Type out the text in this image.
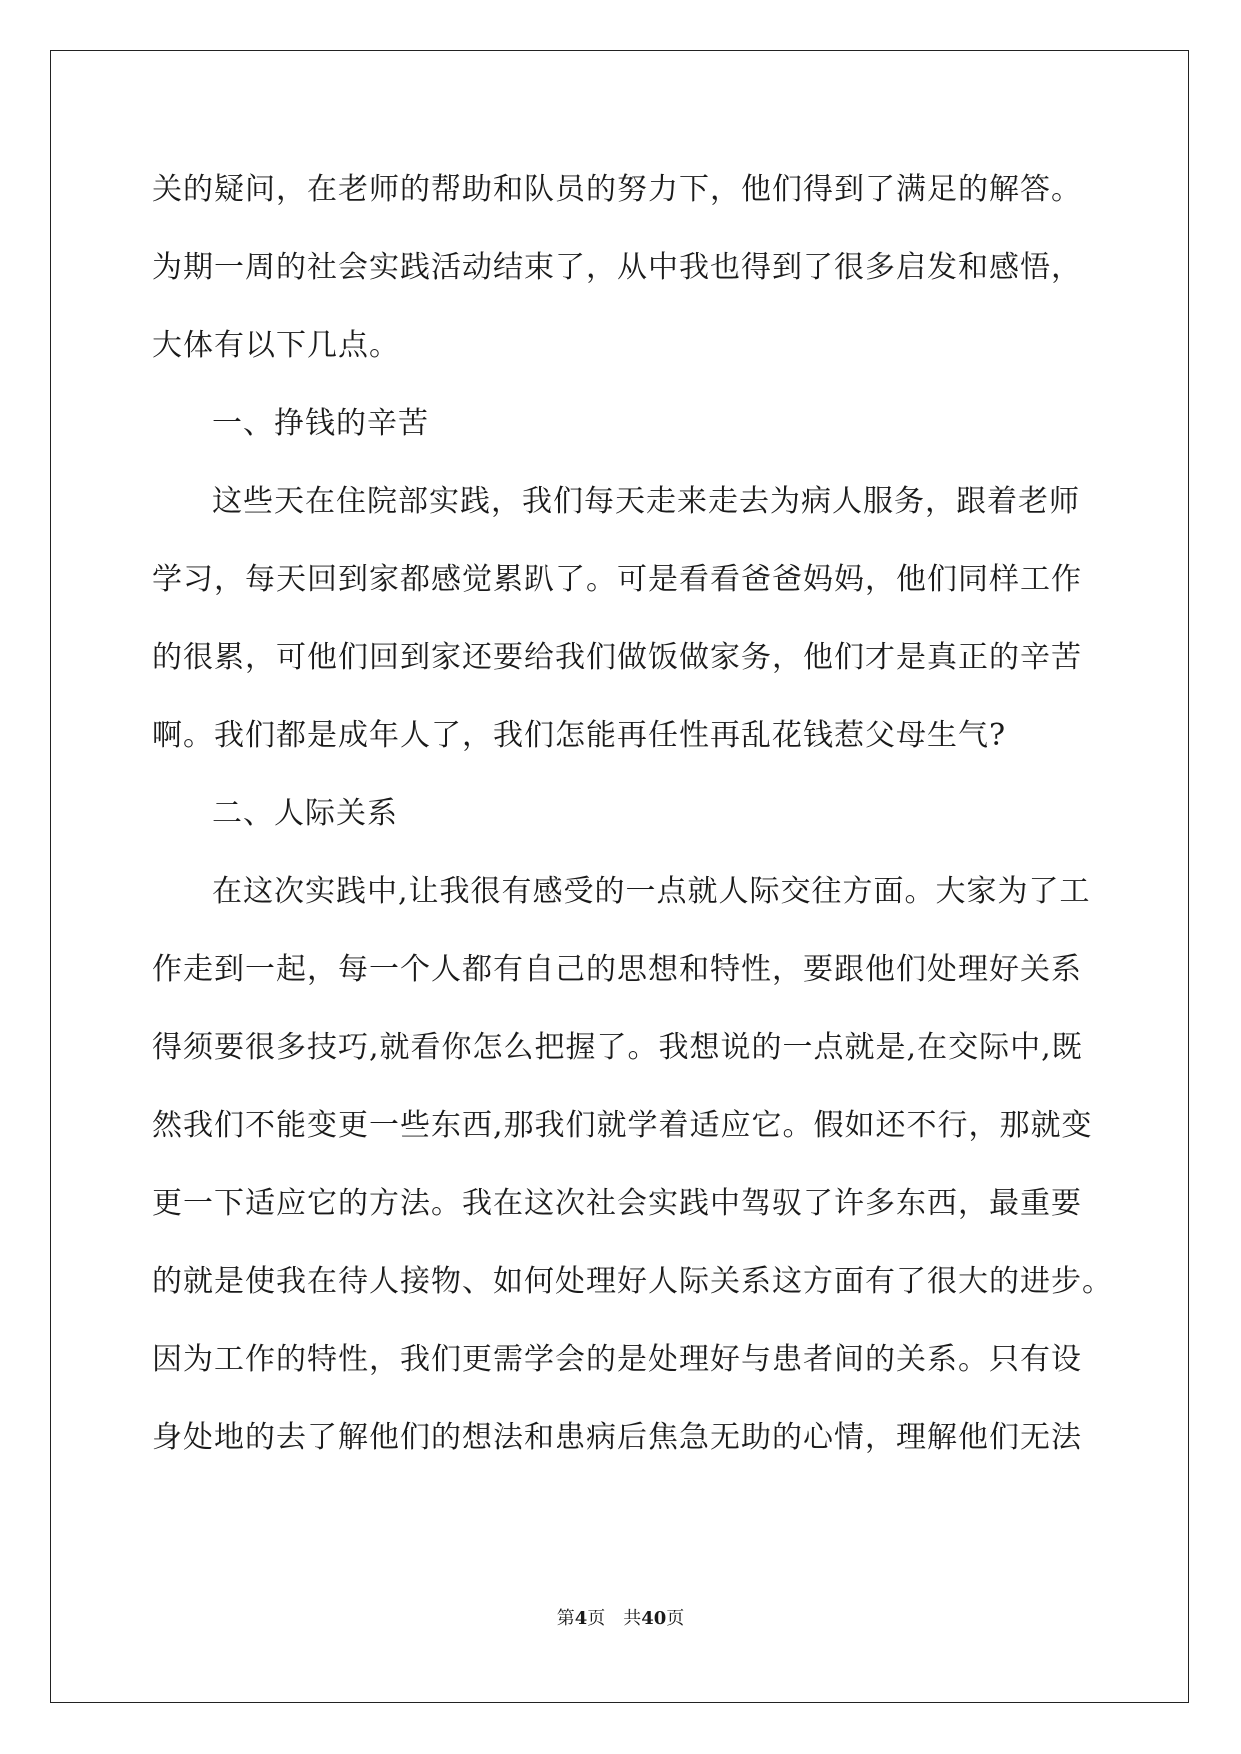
关的疑问，在老师的帮助和队员的努力下，他们得到了满足的解答。
为期一周的社会实践活动结束了，从中我也得到了很多启发和感悟，
大体有以下几点。
一、挣钱的辛苦
这些天在住院部实践，我们每天走来走去为病人服务，跟着老师
学习，每天回到家都感觉累趴了。可是看看爸爸妈妈，他们同样工作
的很累，可他们回到家还要给我们做饭做家务，他们才是真正的辛苦
啊。我们都是成年人了，我们怎能再任性再乱花钱惹父母生气?
二、人际关系
在这次实践中,让我很有感受的一点就人际交往方面。大家为了工
作走到一起，每一个人都有自己的思想和特性，要跟他们处理好关系
得须要很多技巧,就看你怎么把握了。我想说的一点就是,在交际中,既
然我们不能变更一些东西,那我们就学着适应它。假如还不行，那就变
更一下适应它的方法。我在这次社会实践中驾驭了许多东西，最重要
的就是使我在待人接物、如何处理好人际关系这方面有了很大的进步。
因为工作的特性，我们更需学会的是处理好与患者间的关系。只有设
身处地的去了解他们的想法和患病后焦急无助的心情，理解他们无法
第4页　共40页
